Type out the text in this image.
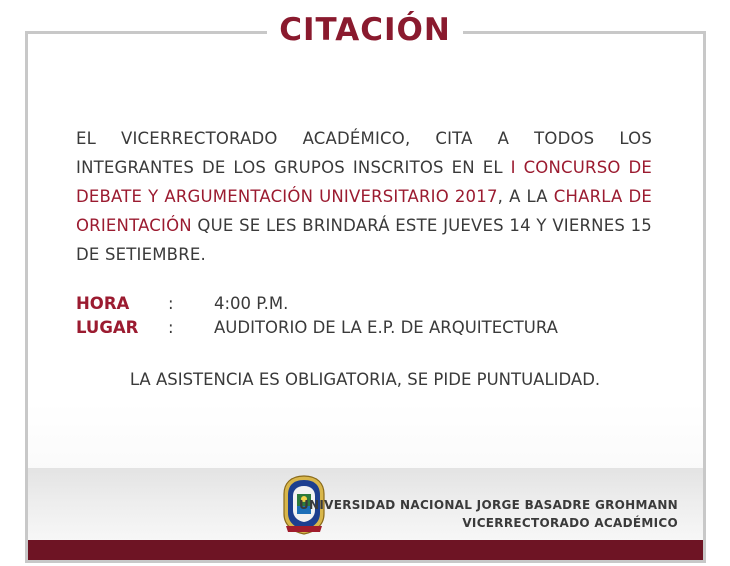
CITACIÓN
EL VICERRECTORADO ACADÉMICO, CITA A TODOS LOS INTEGRANTES DE LOS GRUPOS INSCRITOS EN EL I CONCURSO DE DEBATE Y ARGUMENTACIÓN UNIVERSITARIO 2017, A LA CHARLA DE ORIENTACIÓN QUE SE LES BRINDARÁ ESTE JUEVES 14 Y VIERNES 15 DE SETIEMBRE.
HORA	:	4:00 P.M.
LUGAR	:	AUDITORIO DE LA E.P. DE ARQUITECTURA
LA ASISTENCIA ES OBLIGATORIA, SE PIDE PUNTUALIDAD.
UNIVERSIDAD NACIONAL JORGE BASADRE GROHMANN
VICERRECTORADO ACADÉMICO
